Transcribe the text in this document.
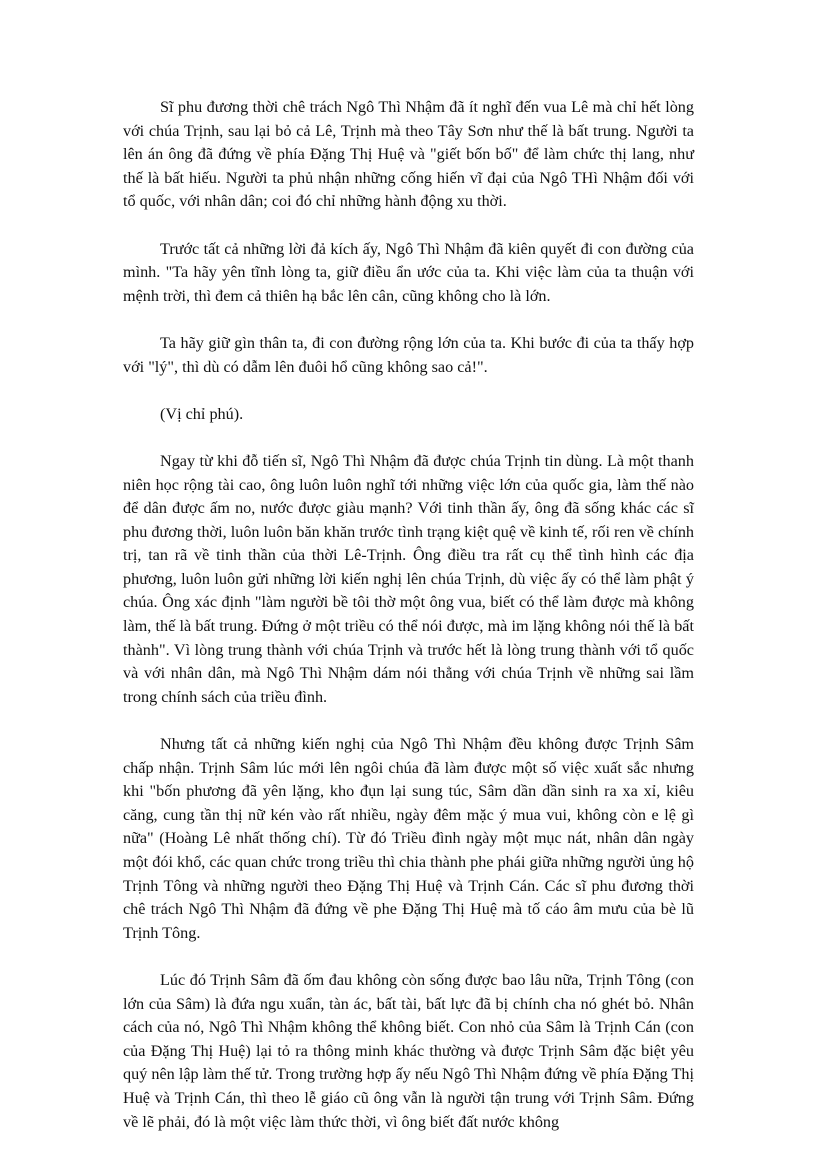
Sĩ phu đương thời chê trách Ngô Thì Nhậm đã ít nghĩ đến vua Lê mà chỉ hết lòng với chúa Trịnh, sau lại bỏ cả Lê, Trịnh mà theo Tây Sơn như thế là bất trung. Người ta lên án ông đã đứng về phía Đặng Thị Huệ và "giết bốn bố" để làm chức thị lang, như thế là bất hiếu. Người ta phủ nhận những cống hiến vĩ đại của Ngô THì Nhậm đối với tổ quốc, với nhân dân; coi đó chỉ những hành động xu thời.

Trước tất cả những lời đả kích ấy, Ngô Thì Nhậm đã kiên quyết đi con đường của mình. "Ta hãy yên tĩnh lòng ta, giữ điều ẩn ước của ta. Khi việc làm của ta thuận với mệnh trời, thì đem cả thiên hạ bắc lên cân, cũng không cho là lớn.

Ta hãy giữ gìn thân ta, đi con đường rộng lớn của ta. Khi bước đi của ta thấy hợp với "lý", thì dù có dẫm lên đuôi hổ cũng không sao cả!".

(Vị chỉ phú).

Ngay từ khi đỗ tiến sĩ, Ngô Thì Nhậm đã được chúa Trịnh tin dùng. Là một thanh niên học rộng tài cao, ông luôn luôn nghĩ tới những việc lớn của quốc gia, làm thế nào để dân được ấm no, nước được giàu mạnh? Với tinh thần ấy, ông đã sống khác các sĩ phu đương thời, luôn luôn băn khăn trước tình trạng kiệt quệ về kinh tế, rối ren về chính trị, tan rã về tinh thần của thời Lê-Trịnh. Ông điều tra rất cụ thể tình hình các địa phương, luôn luôn gửi những lời kiến nghị lên chúa Trịnh, dù việc ấy có thể làm phật ý chúa. Ông xác định "làm người bề tôi thờ một ông vua, biết có thể làm được mà không làm, thế là bất trung. Đứng ở một triều có thể nói được, mà im lặng không nói thế là bất thành". Vì lòng trung thành với chúa Trịnh và trước hết là lòng trung thành với tổ quốc và với nhân dân, mà Ngô Thì Nhậm dám nói thẳng với chúa Trịnh về những sai lầm trong chính sách của triều đình.

Nhưng tất cả những kiến nghị của Ngô Thì Nhậm đều không được Trịnh Sâm chấp nhận. Trịnh Sâm lúc mới lên ngôi chúa đã làm được một số việc xuất sắc nhưng khi "bốn phương đã yên lặng, kho đụn lại sung túc, Sâm dần dần sinh ra xa xỉ, kiêu căng, cung tần thị nữ kén vào rất nhiều, ngày đêm mặc ý mua vui, không còn e lệ gì nữa" (Hoàng Lê nhất thống chí). Từ đó Triều đình ngày một mục nát, nhân dân ngày một đói khổ, các quan chức trong triều thì chia thành phe phái giữa những người ủng hộ Trịnh Tông và những người theo Đặng Thị Huệ và Trịnh Cán. Các sĩ phu đương thời chê trách Ngô Thì Nhậm đã đứng về phe Đặng Thị Huệ mà tố cáo âm mưu của bè lũ Trịnh Tông.

Lúc đó Trịnh Sâm đã ốm đau không còn sống được bao lâu nữa, Trịnh Tông (con lớn của Sâm) là đứa ngu xuẩn, tàn ác, bất tài, bất lực đã bị chính cha nó ghét bỏ. Nhân cách của nó, Ngô Thì Nhậm không thể không biết. Con nhỏ của Sâm là Trịnh Cán (con của Đặng Thị Huệ) lại tỏ ra thông minh khác thường và được Trịnh Sâm đặc biệt yêu quý nên lập làm thế tử. Trong trường hợp ấy nếu Ngô Thì Nhậm đứng về phía Đặng Thị Huệ và Trịnh Cán, thì theo lễ giáo cũ ông vẫn là người tận trung với Trịnh Sâm. Đứng về lẽ phải, đó là một việc làm thức thời, vì ông biết đất nước không
